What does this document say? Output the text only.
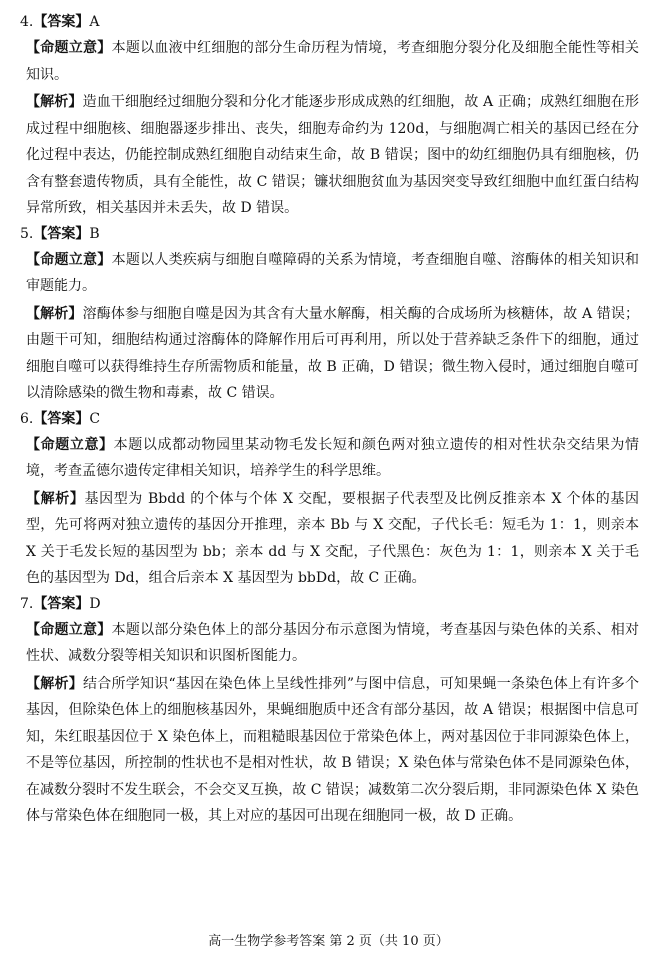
4.【答案】A

【命题立意】本题以血液中红细胞的部分生命历程为情境，考查细胞分裂分化及细胞全能性等相关知识。

【解析】造血干细胞经过细胞分裂和分化才能逐步形成成熟的红细胞，故 A 正确；成熟红细胞在形成过程中细胞核、细胞器逐步排出、丧失，细胞寿命约为 120d，与细胞凋亡相关的基因已经在分化过程中表达，仍能控制成熟红细胞自动结束生命，故 B 错误；图中的幼红细胞仍具有细胞核，仍含有整套遗传物质，具有全能性，故 C 错误；镰状细胞贫血为基因突变导致红细胞中血红蛋白结构异常所致，相关基因并未丢失，故 D 错误。

5.【答案】B

【命题立意】本题以人类疾病与细胞自噬障碍的关系为情境，考查细胞自噬、溶酶体的相关知识和审题能力。

【解析】溶酶体参与细胞自噬是因为其含有大量水解酶，相关酶的合成场所为核糖体，故 A 错误；由题干可知，细胞结构通过溶酶体的降解作用后可再利用，所以处于营养缺乏条件下的细胞，通过细胞自噬可以获得维持生存所需物质和能量，故 B 正确，D 错误；微生物入侵时，通过细胞自噬可以清除感染的微生物和毒素，故 C 错误。

6.【答案】C

【命题立意】本题以成都动物园里某动物毛发长短和颜色两对独立遗传的相对性状杂交结果为情境，考查孟德尔遗传定律相关知识，培养学生的科学思维。

【解析】基因型为 Bbdd 的个体与个体 X 交配，要根据子代表型及比例反推亲本 X 个体的基因型，先可将两对独立遗传的基因分开推理，亲本 Bb 与 X 交配，子代长毛：短毛为 1：1，则亲本 X 关于毛发长短的基因型为 bb；亲本 dd 与 X 交配，子代黑色：灰色为 1：1，则亲本 X 关于毛色的基因型为 Dd，组合后亲本 X 基因型为 bbDd，故 C 正确。

7.【答案】D

【命题立意】本题以部分染色体上的部分基因分布示意图为情境，考查基因与染色体的关系、相对性状、减数分裂等相关知识和识图析图能力。

【解析】结合所学知识“基因在染色体上呈线性排列”与图中信息，可知果蝇一条染色体上有许多个基因，但除染色体上的细胞核基因外，果蝇细胞质中还含有部分基因，故 A 错误；根据图中信息可知，朱红眼基因位于 X 染色体上，而粗糙眼基因位于常染色体上，两对基因位于非同源染色体上，不是等位基因，所控制的性状也不是相对性状，故 B 错误；X 染色体与常染色体不是同源染色体，在减数分裂时不发生联会，不会交叉互换，故 C 错误；减数第二次分裂后期，非同源染色体 X 染色体与常染色体在细胞同一极，其上对应的基因可出现在细胞同一极，故 D 正确。

高一生物学参考答案 第 2 页（共 10 页）
